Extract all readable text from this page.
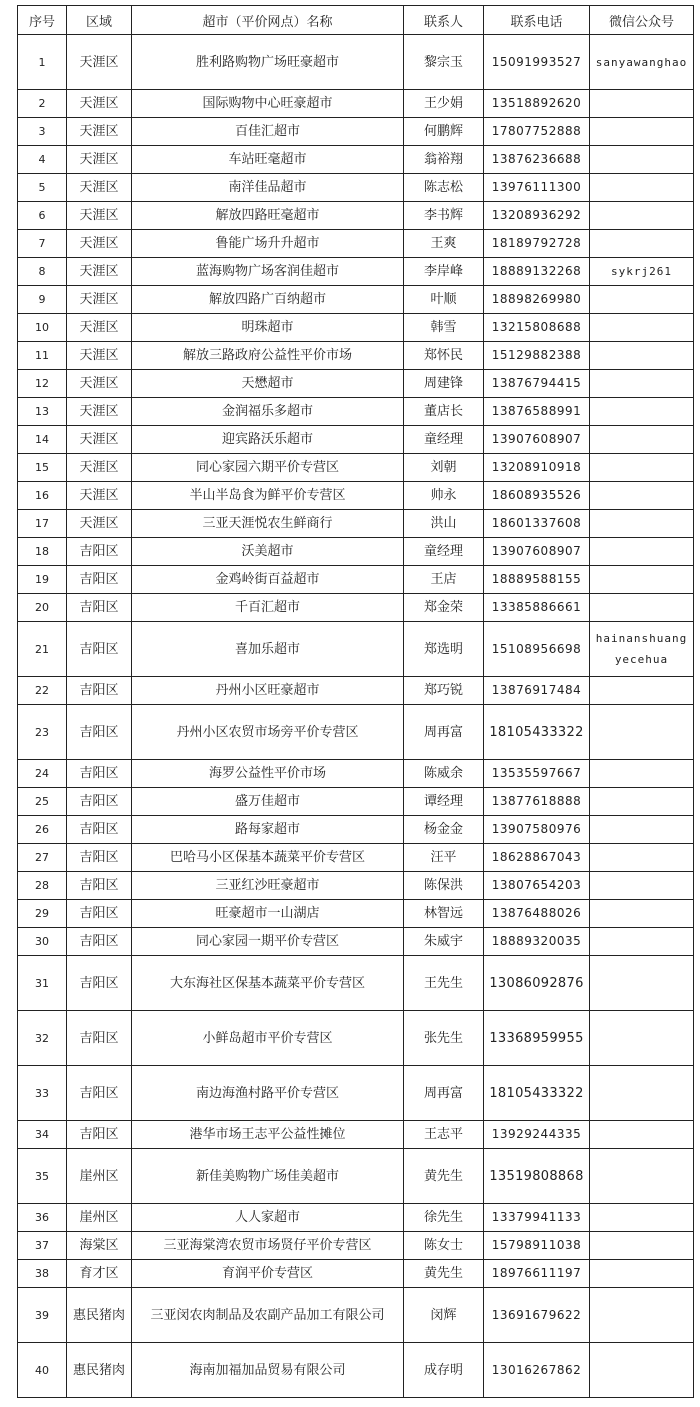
序号	区域	超市（平价网点）名称	联系人	联系电话	微信公众号
1	天涯区	胜利路购物广场旺豪超市	黎宗玉	15091993527	sanyawanghao
2	天涯区	国际购物中心旺豪超市	王少娟	13518892620	
3	天涯区	百佳汇超市	何鹏辉	17807752888	
4	天涯区	车站旺毫超市	翁裕翔	13876236688	
5	天涯区	南洋佳品超市	陈志松	13976111300	
6	天涯区	解放四路旺毫超市	李书辉	13208936292	
7	天涯区	鲁能广场升升超市	王爽	18189792728	
8	天涯区	蓝海购物广场客润佳超市	李岸峰	18889132268	sykrj261
9	天涯区	解放四路广百纳超市	叶顺	18898269980	
10	天涯区	明珠超市	韩雪	13215808688	
11	天涯区	解放三路政府公益性平价市场	郑怀民	15129882388	
12	天涯区	天懋超市	周建锋	13876794415	
13	天涯区	金润福乐多超市	董店长	13876588991	
14	天涯区	迎宾路沃乐超市	童经理	13907608907	
15	天涯区	同心家园六期平价专营区	刘朝	13208910918	
16	天涯区	半山半岛食为鲜平价专营区	帅永	18608935526	
17	天涯区	三亚天涯悦农生鲜商行	洪山	18601337608	
18	吉阳区	沃美超市	童经理	13907608907	
19	吉阳区	金鸡岭街百益超市	王店	18889588155	
20	吉阳区	千百汇超市	郑金荣	13385886661	
21	吉阳区	喜加乐超市	郑选明	15108956698	hainanshuangyecehua
22	吉阳区	丹州小区旺豪超市	郑巧锐	13876917484	
23	吉阳区	丹州小区农贸市场旁平价专营区	周再富	18105433322	
24	吉阳区	海罗公益性平价市场	陈威余	13535597667	
25	吉阳区	盛万佳超市	谭经理	13877618888	
26	吉阳区	路每家超市	杨金金	13907580976	
27	吉阳区	巴哈马小区保基本蔬菜平价专营区	汪平	18628867043	
28	吉阳区	三亚红沙旺豪超市	陈保洪	13807654203	
29	吉阳区	旺豪超市一山湖店	林智远	13876488026	
30	吉阳区	同心家园一期平价专营区	朱威宇	18889320035	
31	吉阳区	大东海社区保基本蔬菜平价专营区	王先生	13086092876	
32	吉阳区	小鲜岛超市平价专营区	张先生	13368959955	
33	吉阳区	南边海渔村路平价专营区	周再富	18105433322	
34	吉阳区	港华市场王志平公益性摊位	王志平	13929244335	
35	崖州区	新佳美购物广场佳美超市	黄先生	13519808868	
36	崖州区	人人家超市	徐先生	13379941133	
37	海棠区	三亚海棠湾农贸市场贤仔平价专营区	陈女士	15798911038	
38	育才区	育润平价专营区	黄先生	18976611197	
39	惠民猪肉	三亚闵农肉制品及农副产品加工有限公司	闵辉	13691679622	
40	惠民猪肉	海南加福加品贸易有限公司	成存明	13016267862	
